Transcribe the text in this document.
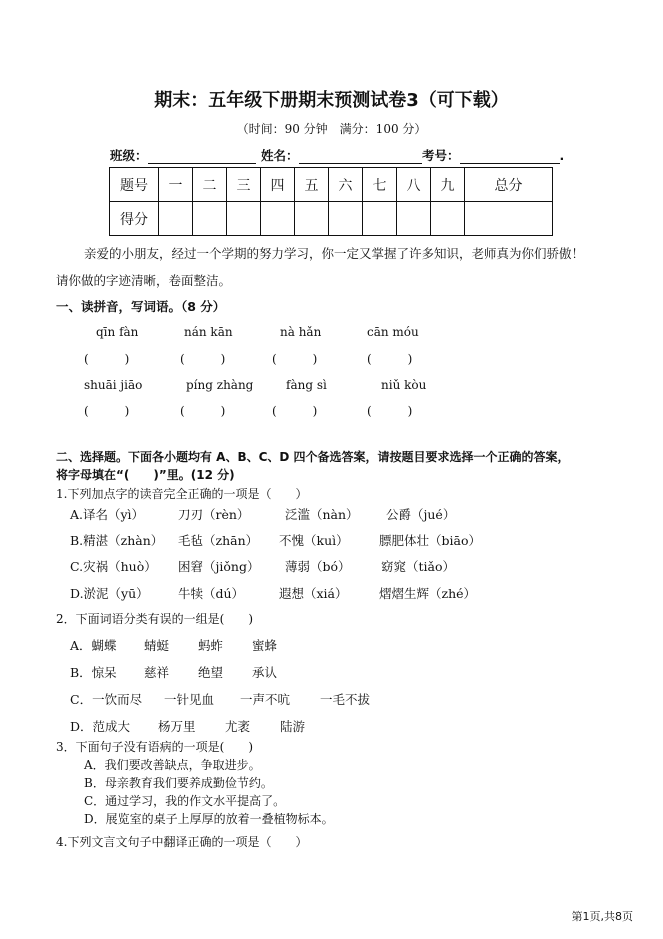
期末：五年级下册期末预测试卷3（可下载）
（时间：90 分钟　满分：100 分）
班级：	姓名：	考号：	.
题号	一	二	三	四	五	六	七	八	九	总分
得分										
亲爱的小朋友，经过一个学期的努力学习，你一定又掌握了许多知识，老师真为你们骄傲！
请你做的字迹清晰，卷面整洁。
一、读拼音，写词语。（8 分）
qīn fàn	nán kān	nà hǎn	cān móu
(　　　)	(　　　)	(　　　)	(　　　)
shuāi jiāo	píng zhàng	fàng sì	niǔ kòu
(　　　)	(　　　)	(　　　)	(　　　)
二、选择题。下面各小题均有 A、B、C、D 四个备选答案，请按题目要求选择一个正确的答案，
将字母填在“(　　)”里。(12 分)
1.下列加点字的读音完全正确的一项是（　　）
A.译名（yì）	刀刃（rèn）	泛滥（nàn） 公爵（jué）
B.精湛（zhàn） 毛毡（zhān） 不愧（kuì） 膘肥体壮（biāo）
C.灾祸（huò） 困窘（jiǒng） 薄弱（bó） 窈窕（tiǎo）
D.淤泥（yū） 牛犊（dú）	遐想（xiá）	熠熠生辉（zhé）
2．下面词语分类有误的一组是(　　)
A．蝴蝶 蜻蜓 蚂蚱 蜜蜂
B．惊呆 慈祥 绝望 承认
C．一饮而尽 一针见血 一声不吭 一毛不拔
D．范成大 杨万里 尤袤 陆游
3．下面句子没有语病的一项是(　　)
A．我们要改善缺点，争取进步。
B．母亲教育我们要养成勤俭节约。
C．通过学习，我的作文水平提高了。
D．展览室的桌子上厚厚的放着一叠植物标本。
4.下列文言文句子中翻译正确的一项是（　　）
第1页,共8页
